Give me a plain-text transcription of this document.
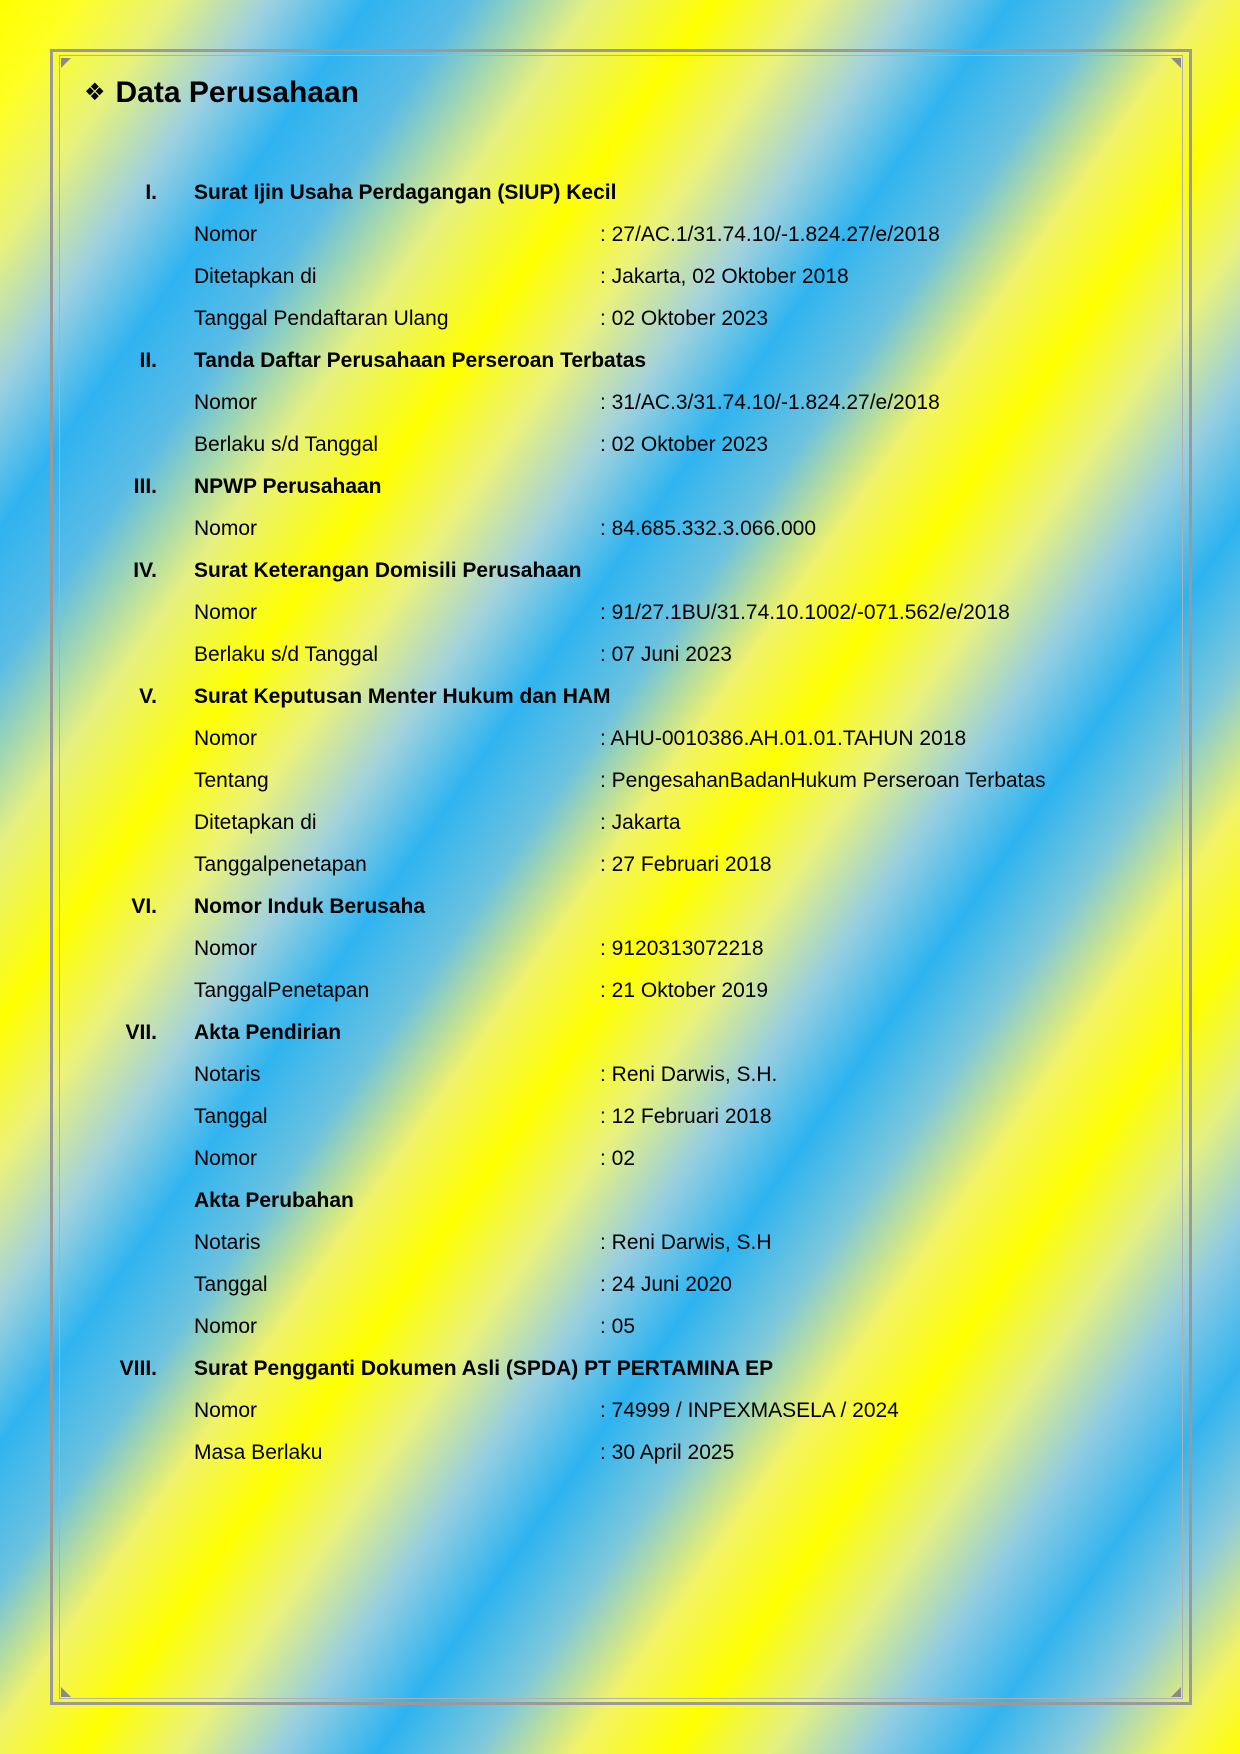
❖ Data Perusahaan
I. Surat Ijin Usaha Perdagangan (SIUP) Kecil
Nomor	: 27/AC.1/31.74.10/-1.824.27/e/2018
Ditetapkan di	: Jakarta, 02 Oktober 2018
Tanggal Pendaftaran Ulang	: 02 Oktober 2023
II. Tanda Daftar Perusahaan Perseroan Terbatas
Nomor	: 31/AC.3/31.74.10/-1.824.27/e/2018
Berlaku s/d Tanggal	: 02 Oktober 2023
III. NPWP Perusahaan
Nomor	: 84.685.332.3.066.000
IV. Surat Keterangan Domisili Perusahaan
Nomor	: 91/27.1BU/31.74.10.1002/-071.562/e/2018
Berlaku s/d Tanggal	: 07 Juni 2023
V. Surat Keputusan Menter Hukum dan HAM
Nomor	: AHU-0010386.AH.01.01.TAHUN 2018
Tentang	: PengesahanBadanHukum Perseroan Terbatas
Ditetapkan di	: Jakarta
Tanggalpenetapan	: 27 Februari 2018
VI. Nomor Induk Berusaha
Nomor	: 9120313072218
TanggalPenetapan	: 21 Oktober 2019
VII. Akta Pendirian
Notaris	: Reni Darwis, S.H.
Tanggal	: 12 Februari 2018
Nomor	: 02
Akta Perubahan
Notaris	: Reni Darwis, S.H
Tanggal	: 24 Juni 2020
Nomor	: 05
VIII. Surat Pengganti Dokumen Asli (SPDA) PT PERTAMINA EP
Nomor	: 74999 / INPEXMASELA / 2024
Masa Berlaku	: 30 April 2025
